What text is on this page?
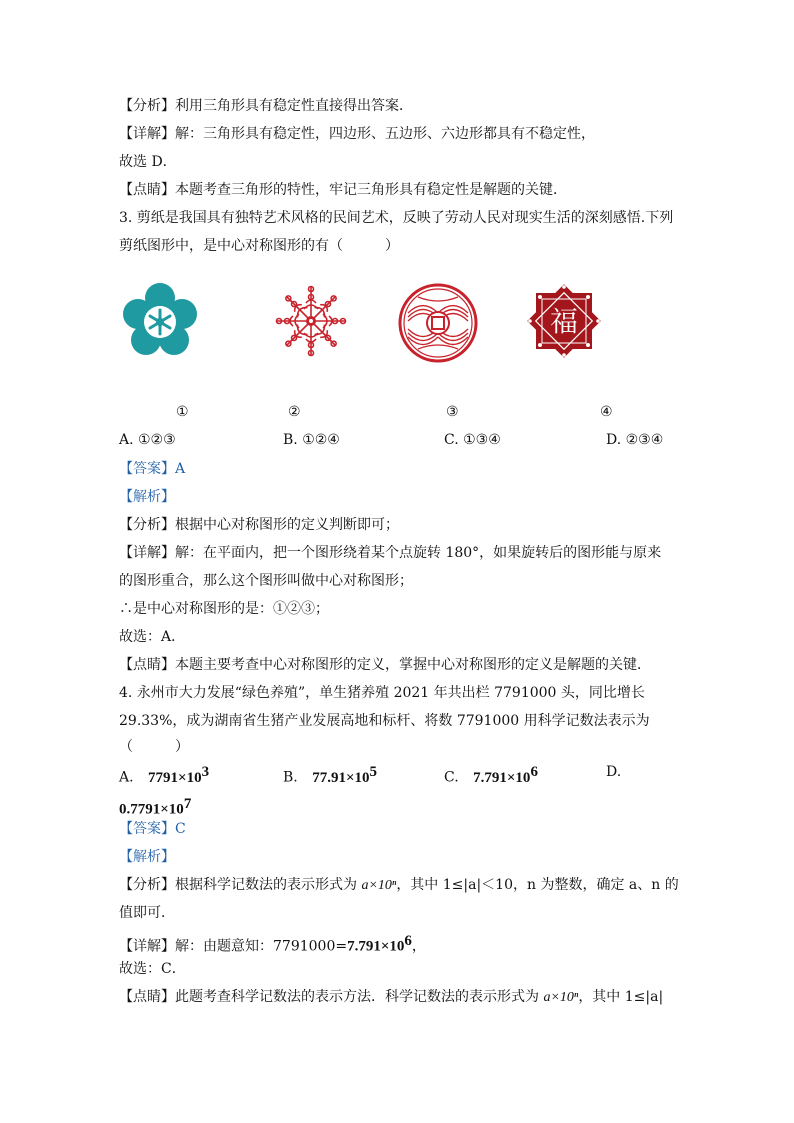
【分析】利用三角形具有稳定性直接得出答案．
【详解】解：三角形具有稳定性，四边形、五边形、六边形都具有不稳定性，
故选 D．
【点睛】本题考查三角形的特性，牢记三角形具有稳定性是解题的关键．
3. 剪纸是我国具有独特艺术风格的民间艺术，反映了劳动人民对现实生活的深刻感悟.下列
剪纸图形中，是中心对称图形的有（　　　）
福
①	②	③	④
A. ①②③	B. ①②④	C. ①③④	D. ②③④
【答案】A
【解析】
【分析】根据中心对称图形的定义判断即可；
【详解】解：在平面内，把一个图形绕着某个点旋转 180°，如果旋转后的图形能与原来
的图形重合，那么这个图形叫做中心对称图形；
∴是中心对称图形的是：①②③；
故选：A．
【点睛】本题主要考查中心对称图形的定义，掌握中心对称图形的定义是解题的关键．
4. 永州市大力发展“绿色养殖”，单生猪养殖 2021 年共出栏 7791000 头，同比增长
29.33%，成为湖南省生猪产业发展高地和标杆、将数 7791000 用科学记数法表示为
（　　　）
A. $7791\times 10^3$	B. $77.91\times 10^5$	C. $7.791\times 10^6$	D.
$0.7791\times 10^7$
【答案】C
【解析】
【分析】根据科学记数法的表示形式为 a×10ⁿ，其中 1≤|a|＜10，n 为整数，确定 a、n 的
值即可．
【详解】解：由题意知：$7791000=7.791\times 10^6$，
故选：C．
【点睛】此题考查科学记数法的表示方法．科学记数法的表示形式为 a×10ⁿ，其中 1≤|a|
